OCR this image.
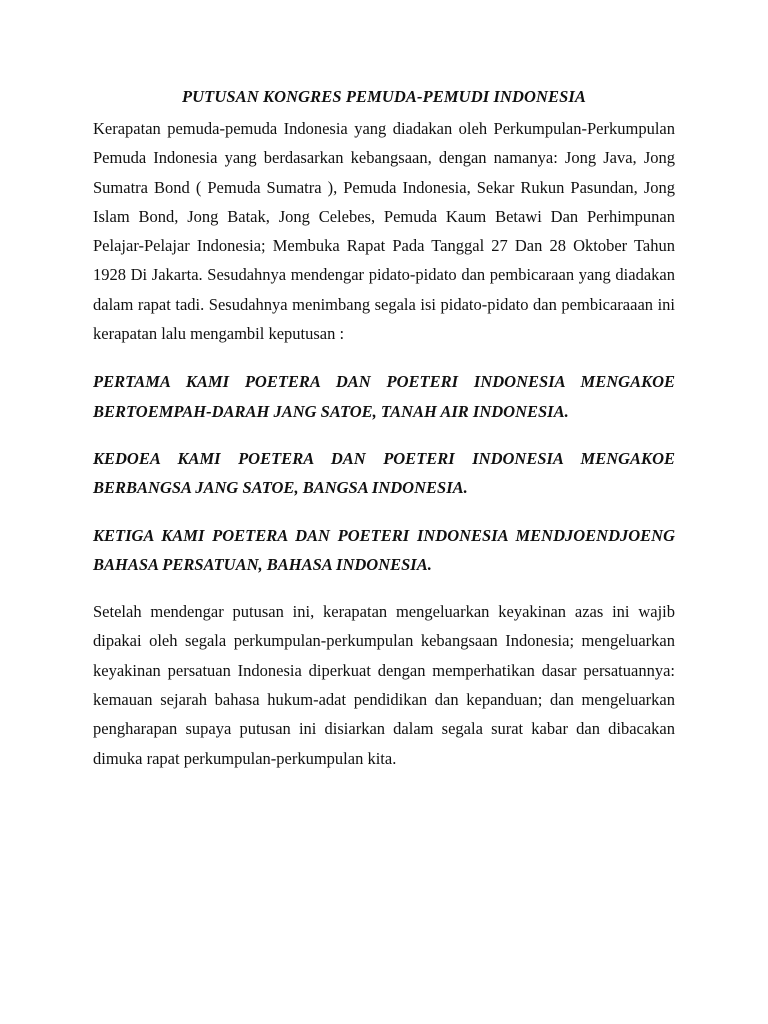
PUTUSAN KONGRES PEMUDA-PEMUDI INDONESIA

Kerapatan pemuda-pemuda Indonesia yang diadakan oleh Perkumpulan-Perkumpulan Pemuda Indonesia yang berdasarkan kebangsaan, dengan namanya: Jong Java, Jong Sumatra Bond ( Pemuda Sumatra ), Pemuda Indonesia, Sekar Rukun Pasundan, Jong Islam Bond, Jong Batak, Jong Celebes, Pemuda Kaum Betawi Dan Perhimpunan Pelajar-Pelajar Indonesia; Membuka Rapat Pada Tanggal 27 Dan 28 Oktober Tahun 1928 Di Jakarta. Sesudahnya mendengar pidato-pidato dan pembicaraan yang diadakan dalam rapat tadi. Sesudahnya menimbang segala isi pidato-pidato dan pembicaraaan ini kerapatan lalu mengambil keputusan :

PERTAMA KAMI POETERA DAN POETERI INDONESIA MENGAKOE BERTOEMPAH-DARAH JANG SATOE, TANAH AIR INDONESIA.

KEDOEA KAMI POETERA DAN POETERI INDONESIA MENGAKOE BERBANGSA JANG SATOE, BANGSA INDONESIA.

KETIGA KAMI POETERA DAN POETERI INDONESIA MENDJOENDJOENG BAHASA PERSATUAN, BAHASA INDONESIA.

Setelah mendengar putusan ini, kerapatan mengeluarkan keyakinan azas ini wajib dipakai oleh segala perkumpulan-perkumpulan kebangsaan Indonesia; mengeluarkan keyakinan persatuan Indonesia diperkuat dengan memperhatikan dasar persatuannya: kemauan sejarah bahasa hukum-adat pendidikan dan kepanduan; dan mengeluarkan pengharapan supaya putusan ini disiarkan dalam segala surat kabar dan dibacakan dimuka rapat perkumpulan-perkumpulan kita.
